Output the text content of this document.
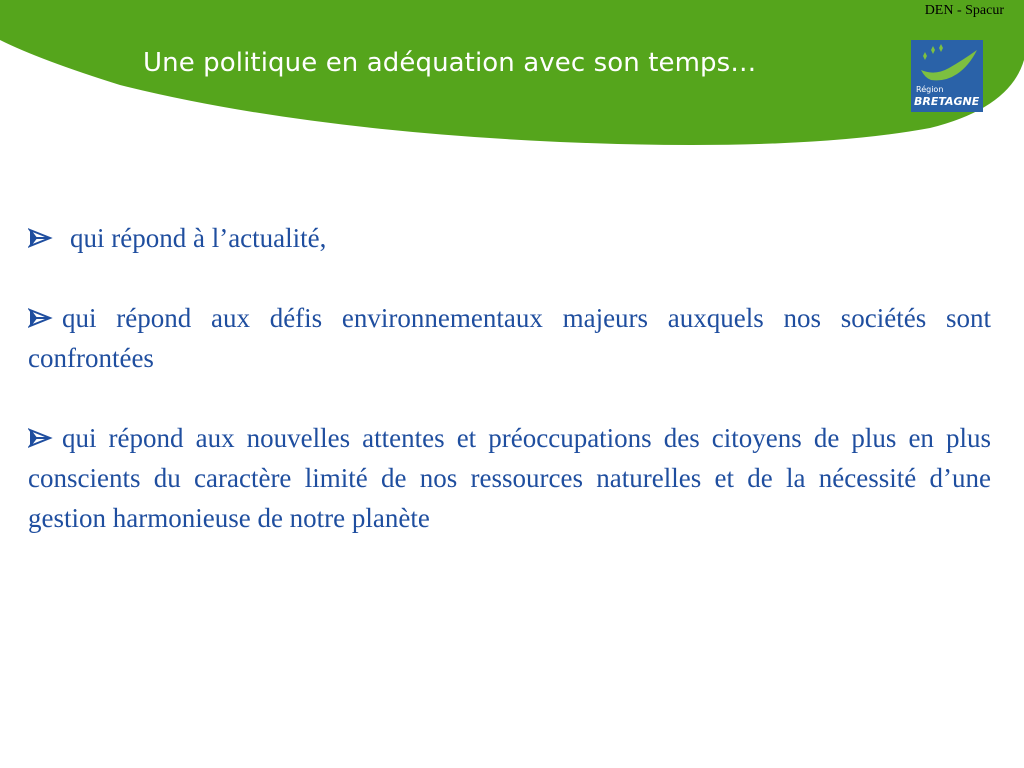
DEN - Spacur
Une politique en adéquation avec son temps…
Région
BRETAGNE
qui répond à l’actualité,
qui répond aux défis environnementaux majeurs auxquels nos sociétés sont confrontées
qui répond aux nouvelles attentes et préoccupations des citoyens de plus en plus conscients du caractère limité de nos ressources naturelles et de la nécessité d’une gestion harmonieuse de notre planète
